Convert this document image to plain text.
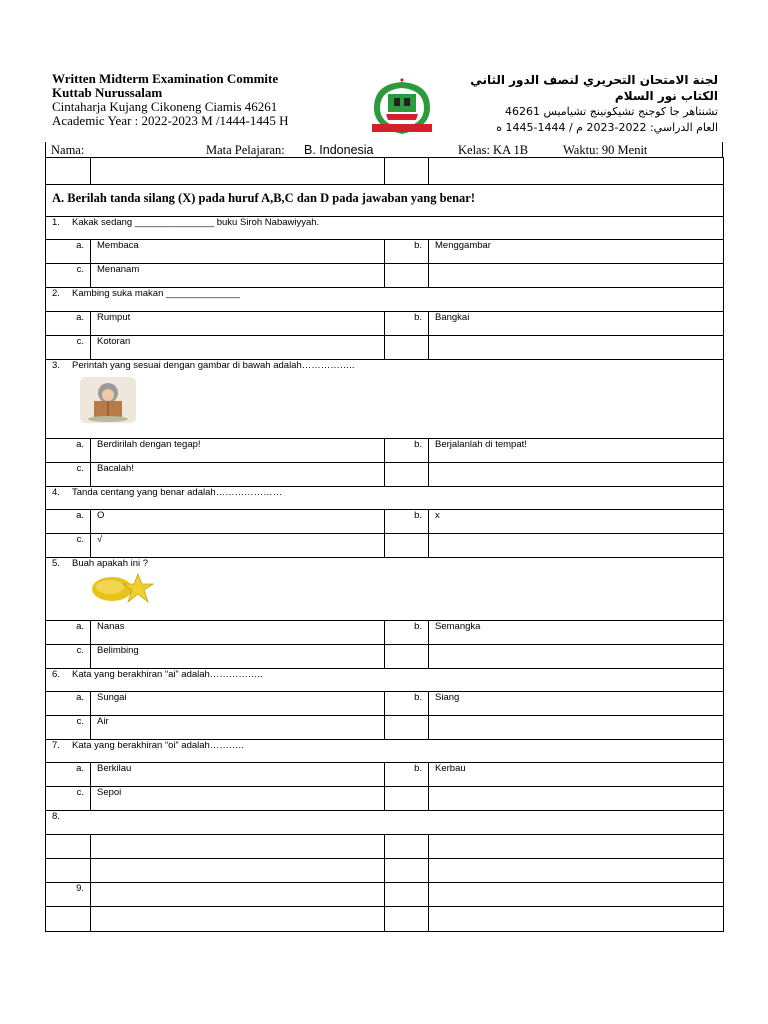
Written Midterm Examination Commite
Kuttab Nurussalam
Cintaharja Kujang Cikoneng Ciamis 46261
Academic Year : 2022-2023 M /1444-1445 H
لجنة الامتحان التحريري لنصف الدور الثاني
الكتاب نور السلام
تشنتاهر جا كوجنج تشيكونينج تشياميس 46261
العام الدراسي: 2022-2023 م / 1444-1445 ه
Nama:	Mata Pelajaran: B. Indonesia	Kelas: KA 1B	Waktu: 90 Menit

A. Berilah tanda silang (X) pada huruf A,B,C dan D pada jawaban yang benar!			
1. Kakak sedang _______________ buku Siroh Nabawiyyah.			
a.	Membaca	b.	Menggambar
c.	Menanam		
2. Kambing suka makan ______________			
a.	Rumput	b.	Bangkai
c.	Kotoran		
3. Perintah yang sesuai dengan gambar di bawah adalah……………..			

a.	Berdirilah dengan tegap!	b.	Berjalanlah di tempat!
c.	Bacalah!		
4. Tanda centang yang benar adalah…………………			
a.	O	b.	x
c.	√		
5. Buah apakah ini ?			

a.	Nanas	b.	Semangka
c.	Belimbing		
6. Kata yang berakhiran “ai” adalah……………..			
a.	Sungai	b.	Siang
c.	Air		
7. Kata yang berakhiran “oi” adalah………..			
a.	Berkilau	b.	Kerbau
c.	Sepoi		
8.			

9.			
